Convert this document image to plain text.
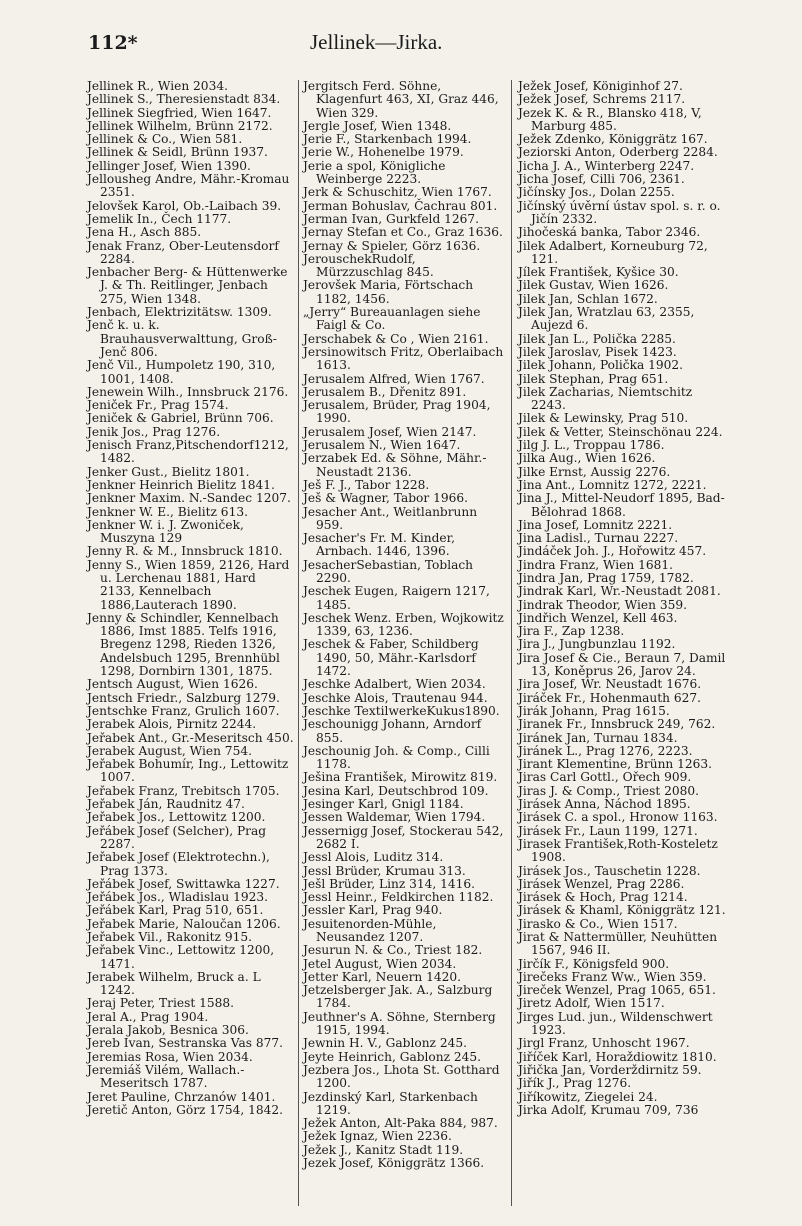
112*	Jellinek—Jirka.

Jellinek R., Wien 2034.

Jellinek S., Theresienstadt 834.

Jellinek Siegfried, Wien 1647.

Jellinek Wilhelm, Brünn 2172.

Jellinek & Co., Wien 581.

Jellinek & Seidl, Brünn 1937.

Jellinger Josef, Wien 1390.

Jellousheg Andre, Mähr.-Kromau 2351.

Jelovšek Karol, Ob.-Laibach 39.

Jemelik In., Čech 1177.

Jena H., Asch 885.

Jenak Franz, Ober-Leutensdorf 2284.

Jenbacher Berg- & Hüttenwerke J. & Th. Reitlinger, Jenbach 275, Wien 1348.

Jenbach, Elektrizitätsw. 1309.

Jenč k. u. k. Brauhausverwalttung, Groß-Jenč 806.

Jenč Vil., Humpoletz 190, 310, 1001, 1408.

Jenewein Wilh., Innsbruck 2176.

Jeniček Fr., Prag 1574.

Jeniček & Gabriel, Brünn 706.

Jenik Jos., Prag 1276.

Jenisch Franz,Pitschendorf1212, 1482.

Jenker Gust., Bielitz 1801.

Jenkner Heinrich Bielitz 1841.

Jenkner Maxim. N.-Sandec 1207.

Jenkner W. E., Bielitz 613.

Jenkner W. i. J. Zwoniček, Muszyna 129

Jenny R. & M., Innsbruck 1810.

Jenny S., Wien 1859, 2126, Hard u. Lerchenau 1881, Hard 2133, Kennelbach 1886,Lauterach 1890.

Jenny & Schindler, Kennelbach 1886, Imst 1885. Telfs 1916, Bregenz 1298, Rieden 1326, Andelsbuch 1295, Brennhübl 1298, Dornbirn 1301, 1875.

Jentsch August, Wien 1626.

Jentsch Friedr., Salzburg 1279.

Jentschke Franz, Grulich 1607.

Jerabek Alois, Pirnitz 2244.

Jeřabek Ant., Gr.-Meseritsch 450.

Jerabek August, Wien 754.

Jeřabek Bohumír, Ing., Lettowitz 1007.

Jeřabek Franz, Trebitsch 1705.

Jeřabek Ján, Raudnitz 47.

Jeřabek Jos., Lettowitz 1200.

Jeřábek Josef (Selcher), Prag 2287.

Jeřabek Josef (Elektrotechn.), Prag 1373.

Jeřábek Josef, Swittawka 1227.

Jeřábek Jos., Wladislau 1923.

Jeřábek Karl, Prag 510, 651.

Jeřabek Marie, Naloučan 1206.

Jeřabek Vil., Rakonitz 915.

Jeřabek Vinc., Lettowitz 1200, 1471.

Jerabek Wilhelm, Bruck a. L 1242.

Jeraj Peter, Triest 1588.

Jeral A., Prag 1904.

Jerala Jakob, Besnica 306.

Jereb Ivan, Sestranska Vas 877.

Jeremias Rosa, Wien 2034.

Jeremiáš Vilém, Wallach.-Meseritsch 1787.

Jeret Pauline, Chrzanów 1401.

Jeretič Anton, Görz 1754, 1842.

Jergitsch Ferd. Söhne, Klagenfurt 463, XI, Graz 446, Wien 329.

Jergle Josef, Wien 1348.

Jerie F., Starkenbach 1994.

Jerie W., Hohenelbe 1979.

Jerie a spol, Königliche Weinberge 2223.

Jerk & Schuschitz, Wien 1767.

Jerman Bohuslav, Čachrau 801.

Jerman Ivan, Gurkfeld 1267.

Jernay Stefan et Co., Graz 1636.

Jernay & Spieler, Görz 1636.

JerouschekRudolf, Mürzzuschlag 845.

Jerovšek Maria, Förtschach 1182, 1456.

„Jerry“ Bureauanlagen siehe Faigl & Co.

Jerschabek & Co , Wien 2161.

Jersinowitsch Fritz, Oberlaibach 1613.

Jerusalem Alfred, Wien 1767.

Jerusalem B., Dřenitz 891.

Jerusalem, Brüder, Prag 1904, 1990.

Jerusalem Josef, Wien 2147.

Jerusalem N., Wien 1647.

Jerzabek Ed. & Söhne, Mähr.-Neustadt 2136.

Ješ F. J., Tabor 1228.

Ješ & Wagner, Tabor 1966.

Jesacher Ant., Weitlanbrunn 959.

Jesacher's Fr. M. Kinder, Arnbach. 1446, 1396.

JesacherSebastian, Toblach 2290.

Jeschek Eugen, Raigern 1217, 1485.

Jeschek Wenz. Erben, Wojkowitz 1339, 63, 1236.

Jeschek & Faber, Schildberg 1490, 50, Mähr.-Karlsdorf 1472.

Jeschke Adalbert, Wien 2034.

Jeschke Alois, Trautenau 944.

Jeschke TextilwerkeKukus1890.

Jeschounigg Johann, Arndorf 855.

Jeschounig Joh. & Comp., Cilli 1178.

Ješina František, Mirowitz 819.

Jesina Karl, Deutschbrod 109.

Jesinger Karl, Gnigl 1184.

Jessen Waldemar, Wien 1794.

Jessernigg Josef, Stockerau 542, 2682 I.

Jessl Alois, Luditz 314.

Jessl Brüder, Krumau 313.

Ješl Brüder, Linz 314, 1416.

Jessl Heinr., Feldkirchen 1182.

Jessler Karl, Prag 940.

Jesuitenorden-Mühle, Neusandez 1207.

Jesurun N. & Co., Triest 182.

Jetel August, Wien 2034.

Jetter Karl, Neuern 1420.

Jetzelsberger Jak. A., Salzburg 1784.

Jeuthner's A. Söhne, Sternberg 1915, 1994.

Jewnin H. V., Gablonz 245.

Jeyte Heinrich, Gablonz 245.

Jezbera Jos., Lhota St. Gotthard 1200.

Jezdinský Karl, Starkenbach 1219.

Ježek Anton, Alt-Paka 884, 987.

Ježek Ignaz, Wien 2236.

Ježek J., Kanitz Stadt 119.

Jezek Josef, Königgrätz 1366.

Ježek Josef, Königinhof 27.

Ježek Josef, Schrems 2117.

Jezek K. & R., Blansko 418, V, Marburg 485.

Ježek Zdenko, Königgrätz 167.

Jeziorski Anton, Oderberg 2284.

Jicha J. A., Winterberg 2247.

Jicha Josef, Cilli 706, 2361.

Jičínsky Jos., Dolan 2255.

Jičínský úvěrní ústav spol. s. r. o. Jičín 2332.

Jihočeská banka, Tabor 2346.

Jilek Adalbert, Korneuburg 72, 121.

Jílek František, Kyšice 30.

Jilek Gustav, Wien 1626.

Jilek Jan, Schlan 1672.

Jilek Jan, Wratzlau 63, 2355, Aujezd 6.

Jilek Jan L., Polička 2285.

Jilek Jaroslav, Pisek 1423.

Jilek Johann, Polička 1902.

Jilek Stephan, Prag 651.

Jilek Zacharias, Niemtschitz 2243.

Jilek & Lewinsky, Prag 510.

Jilek & Vetter, Steinschönau 224.

Jilg J. L., Troppau 1786.

Jilka Aug., Wien 1626.

Jilke Ernst, Aussig 2276.

Jina Ant., Lomnitz 1272, 2221.

Jina J., Mittel-Neudorf 1895, Bad-Bělohrad 1868.

Jina Josef, Lomnitz 2221.

Jina Ladisl., Turnau 2227.

Jindáček Joh. J., Hořowitz 457.

Jindra Franz, Wien 1681.

Jindra Jan, Prag 1759, 1782.

Jindrak Karl, Wr.-Neustadt 2081.

Jindrak Theodor, Wien 359.

Jindřich Wenzel, Kell 463.

Jira F., Zap 1238.

Jira J., Jungbunzlau 1192.

Jira Josef & Cie., Beraun 7, Damil 13, Koněprus 26, Jarov 24.

Jira Josef, Wr. Neustadt 1676.

Jiráček Fr., Hohenmauth 627.

Jirák Johann, Prag 1615.

Jiranek Fr., Innsbruck 249, 762.

Jiránek Jan, Turnau 1834.

Jiránek L., Prag 1276, 2223.

Jirant Klementine, Brünn 1263.

Jiras Carl Gottl., Ořech 909.

Jiras J. & Comp., Triest 2080.

Jirásek Anna, Náchod 1895.

Jirásek C. a spol., Hronow 1163.

Jirásek Fr., Laun 1199, 1271.

Jirasek František,Roth-Kosteletz 1908.

Jirásek Jos., Tauschetin 1228.

Jirásek Wenzel, Prag 2286.

Jirásek & Hoch, Prag 1214.

Jirásek & Khaml, Königgrätz 121.

Jirasko & Co., Wien 1517.

Jirat & Nattermüller, Neuhütten 1567, 946 II.

Jirčík F., Königsfeld 900.

Jirečeks Franz Ww., Wien 359.

Jireček Wenzel, Prag 1065, 651.

Jiretz Adolf, Wien 1517.

Jirges Lud. jun., Wildenschwert 1923.

Jirgl Franz, Unhoscht 1967.

Jiříček Karl, Horaždiowitz 1810.

Jiřička Jan, Vorderždirnitz 59.

Jiřík J., Prag 1276.

Jiříkowitz, Ziegelei 24.

Jirka Adolf, Krumau 709, 736
